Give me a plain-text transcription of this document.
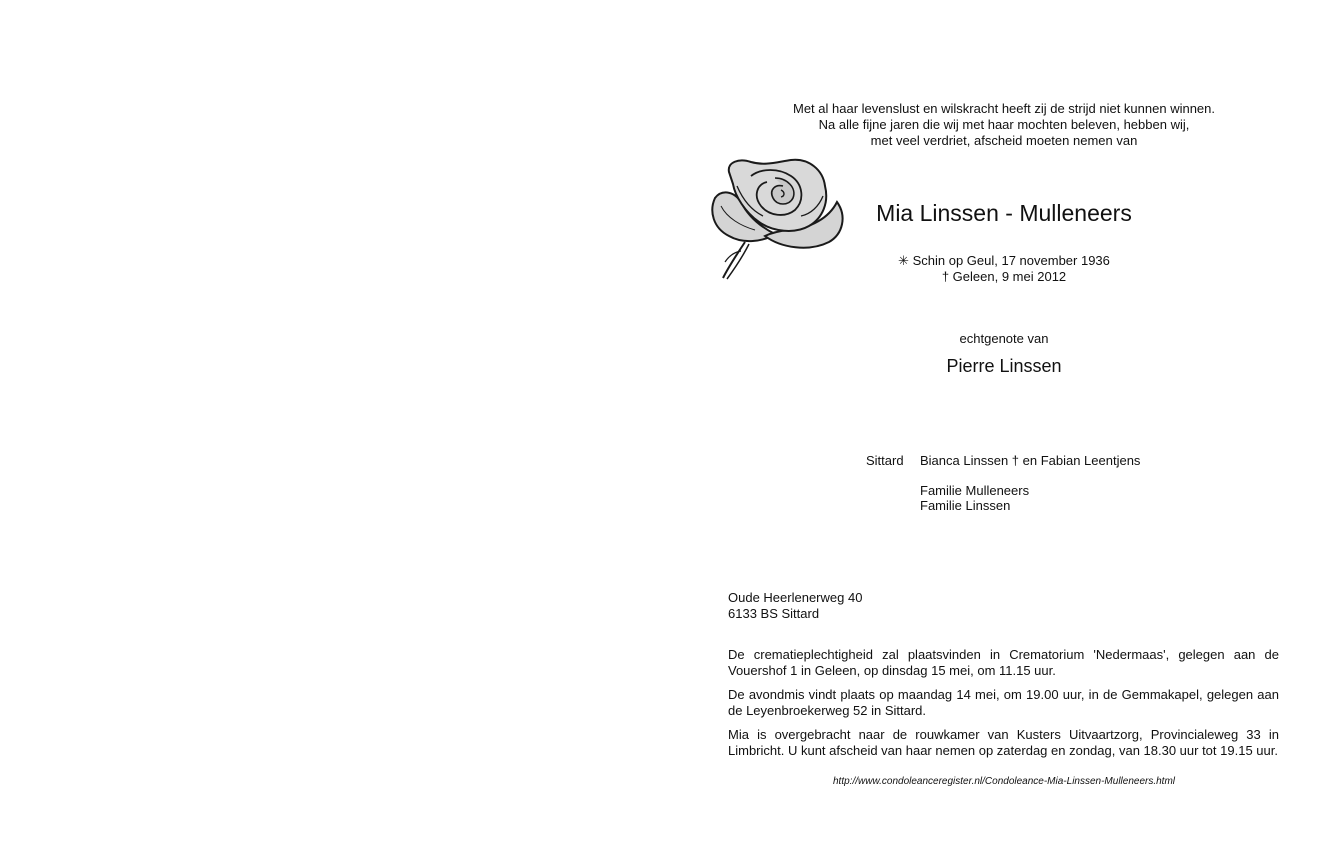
Met al haar levenslust en wilskracht heeft zij de strijd niet kunnen winnen.
Na alle fijne jaren die wij met haar mochten beleven, hebben wij,
met veel verdriet, afscheid moeten nemen van
Mia Linssen - Mulleneers
✳ Schin op Geul, 17 november 1936
† Geleen, 9 mei 2012
echtgenote van
Pierre Linssen
Sittard Bianca Linssen † en Fabian Leentjens
Familie Mulleneers
Familie Linssen
Oude Heerlenerweg 40
6133 BS Sittard

De crematieplechtigheid zal plaatsvinden in Crematorium 'Nedermaas', gelegen aan de Vouershof 1 in Geleen, op dinsdag 15 mei, om 11.15 uur.

De avondmis vindt plaats op maandag 14 mei, om 19.00 uur, in de Gemmakapel, gelegen aan de Leyenbroekerweg 52 in Sittard.

Mia is overgebracht naar de rouwkamer van Kusters Uitvaartzorg, Provincialeweg 33 in Limbricht. U kunt afscheid van haar nemen op zaterdag en zondag, van 18.30 uur tot 19.15 uur.

http://www.condoleanceregister.nl/Condoleance-Mia-Linssen-Mulleneers.html
